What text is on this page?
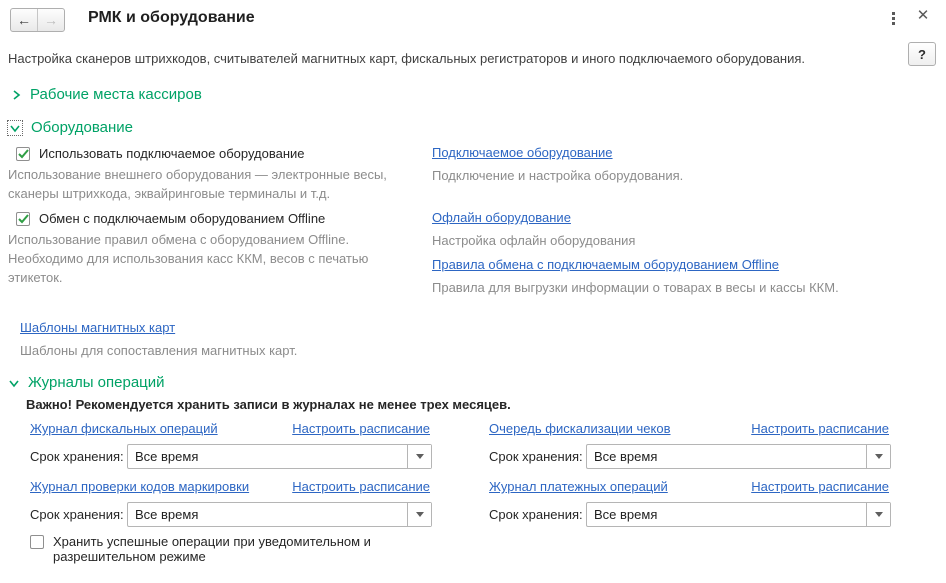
← → РМК и оборудование	✕
Настройка сканеров штрихкодов, считывателей магнитных карт, фискальных регистраторов и иного подключаемого оборудования.	?
Рабочие места кассиров
Оборудование
Использовать подключаемое оборудование
Использование внешнего оборудования — электронные весы, сканеры штрихкода, эквайринговые терминалы и т.д.
Обмен с подключаемым оборудованием Offline
Использование правил обмена с оборудованием Offline. Необходимо для использования касс ККМ, весов с печатью этикеток.
Шаблоны магнитных карт
Шаблоны для сопоставления магнитных карт.
Подключаемое оборудование
Подключение и настройка оборудования.
Офлайн оборудование
Настройка офлайн оборудования
Правила обмена с подключаемым оборудованием Offline
Правила для выгрузки информации о товарах в весы и кассы ККМ.
Журналы операций
Важно! Рекомендуется хранить записи в журналах не менее трех месяцев.
Журнал фискальных операций	Настроить расписание
Срок хранения: Все время
Очередь фискализации чеков	Настроить расписание
Срок хранения: Все время
Журнал проверки кодов маркировки	Настроить расписание
Срок хранения: Все время
Журнал платежных операций	Настроить расписание
Срок хранения: Все время
Хранить успешные операции при уведомительном и разрешительном режиме
